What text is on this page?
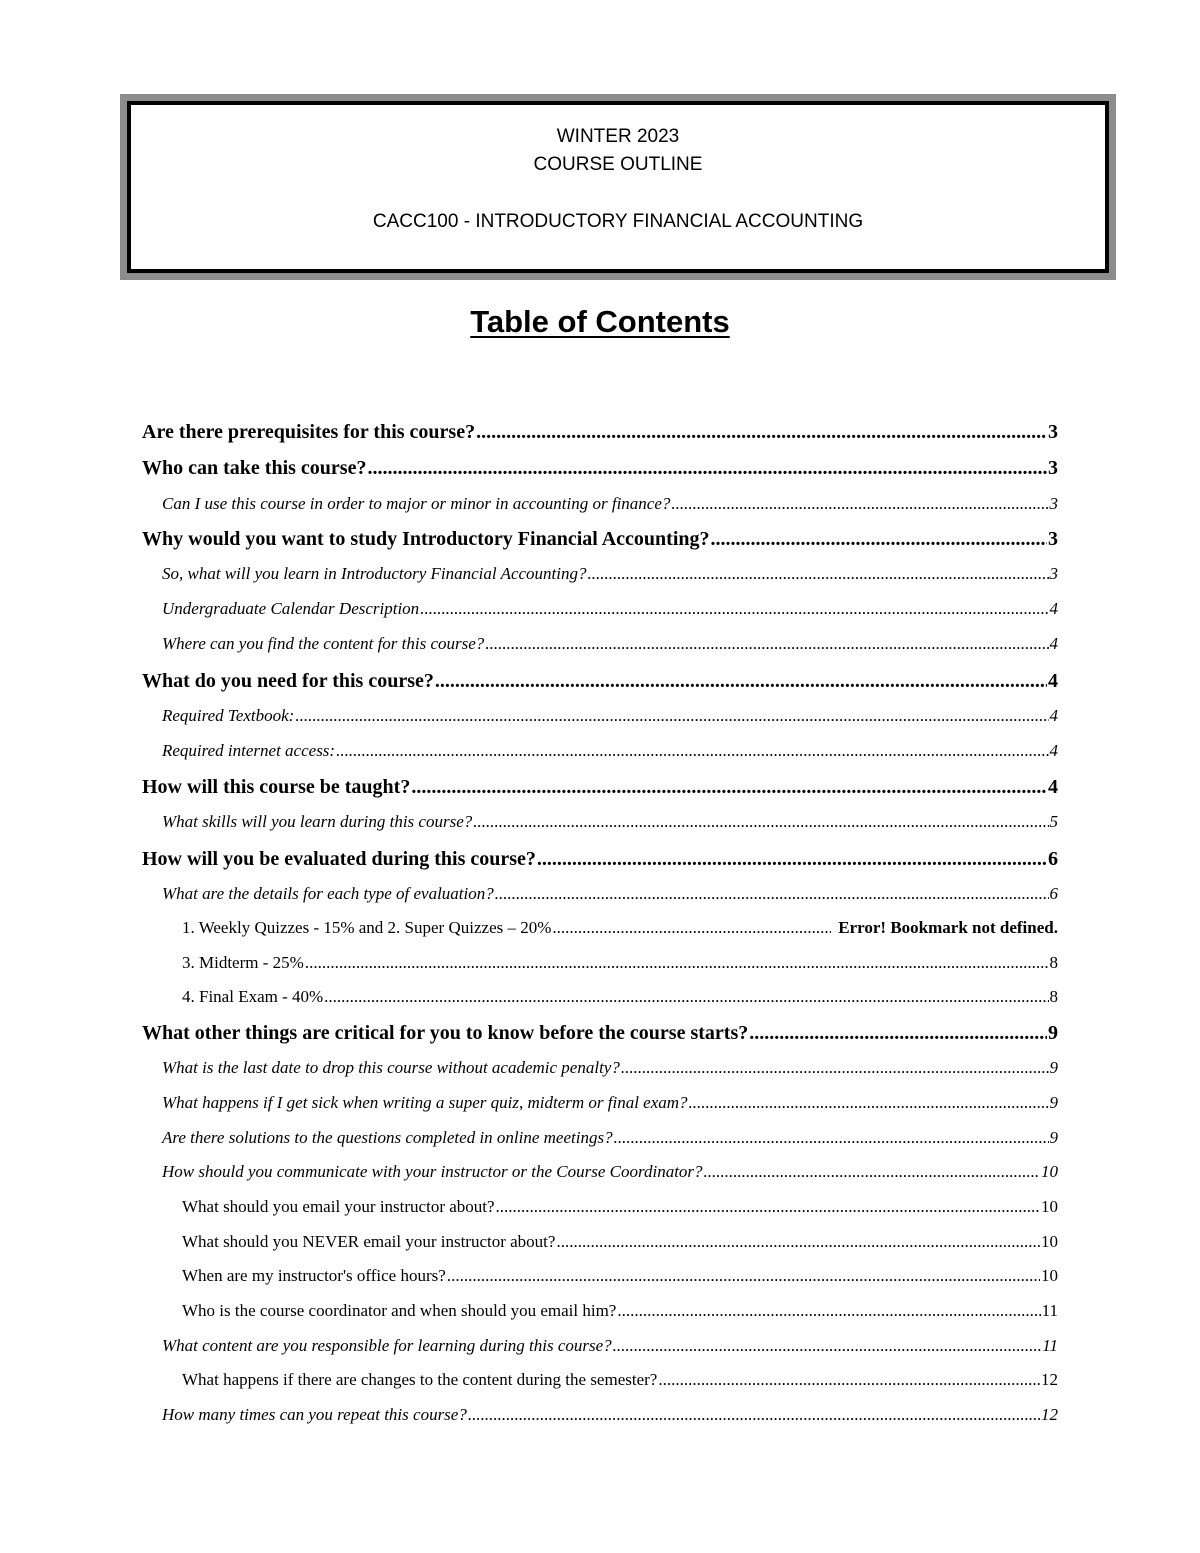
WINTER 2023
COURSE OUTLINE
CACC100 - INTRODUCTORY FINANCIAL ACCOUNTING
Table of Contents
Are there prerequisites for this course? .....	3
Who can take this course? .....	3
Can I use this course in order to major or minor in accounting or finance? .....	3
Why would you want to study Introductory Financial Accounting? .....	3
So, what will you learn in Introductory Financial Accounting? .....	3
Undergraduate Calendar Description .....	4
Where can you find the content for this course? .....	4
What do you need for this course? .....	4
Required Textbook: .....	4
Required internet access: .....	4
How will this course be taught? .....	4
What skills will you learn during this course? .....	5
How will you be evaluated during this course? .....	6
What are the details for each type of evaluation? .....	6
1. Weekly Quizzes - 15% and 2. Super Quizzes – 20% .....	Error! Bookmark not defined.
3. Midterm - 25% .....	8
4. Final Exam - 40% .....	8
What other things are critical for you to know before the course starts? .....	9
What is the last date to drop this course without academic penalty? .....	9
What happens if I get sick when writing a super quiz, midterm or final exam? .....	9
Are there solutions to the questions completed in online meetings? .....	9
How should you communicate with your instructor or the Course Coordinator? .....	10
What should you email your instructor about? .....	10
What should you NEVER email your instructor about? .....	10
When are my instructor's office hours? .....	10
Who is the course coordinator and when should you email him? .....	11
What content are you responsible for learning during this course? .....	11
What happens if there are changes to the content during the semester? .....	12
How many times can you repeat this course? .....	12
